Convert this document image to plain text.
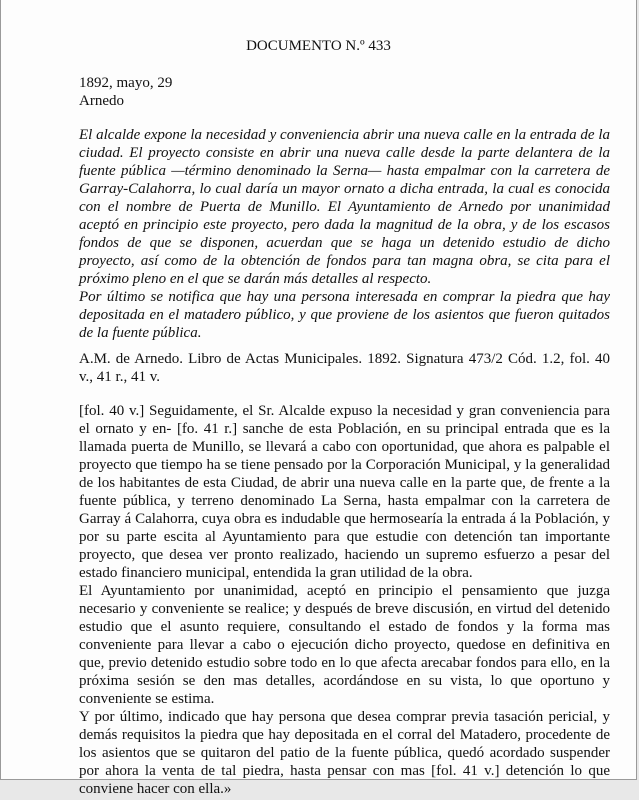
DOCUMENTO N.º 433

1892, mayo, 29

Arnedo

El alcalde expone la necesidad y conveniencia abrir una nueva calle en la entrada de la ciudad. El proyecto consiste en abrir una nueva calle desde la parte delantera de la fuente pública —término denominado la Serna— hasta empalmar con la carretera de Garray-Calahorra, lo cual daría un mayor ornato a dicha entrada, la cual es conocida con el nombre de Puerta de Munillo. El Ayuntamiento de Arnedo por unanimidad aceptó en principio este proyecto, pero dada la magnitud de la obra, y de los escasos fondos de que se disponen, acuerdan que se haga un detenido estudio de dicho proyecto, así como de la obtención de fondos para tan magna obra, se cita para el próximo pleno en el que se darán más detalles al respecto.

Por último se notifica que hay una persona interesada en comprar la piedra que hay depositada en el matadero público, y que proviene de los asientos que fueron quitados de la fuente pública.

A.M. de Arnedo. Libro de Actas Municipales. 1892. Signatura 473/2 Cód. 1.2, fol. 40 v., 41 r., 41 v.

[fol. 40 v.] Seguidamente, el Sr. Alcalde expuso la necesidad y gran conveniencia para el ornato y en- [fo. 41 r.] sanche de esta Población, en su principal entrada que es la llamada puerta de Munillo, se llevará a cabo con oportunidad, que ahora es palpable el proyecto que tiempo ha se tiene pensado por la Corporación Municipal, y la generalidad de los habitantes de esta Ciudad, de abrir una nueva calle en la parte que, de frente a la fuente pública, y terreno denominado La Serna, hasta empalmar con la carretera de Garray á Calahorra, cuya obra es indudable que hermosearía la entrada á la Población, y por su parte escita al Ayuntamiento para que estudie con detención tan importante proyecto, que desea ver pronto realizado, haciendo un supremo esfuerzo a pesar del estado financiero municipal, entendida la gran utilidad de la obra.

El Ayuntamiento por unanimidad, aceptó en principio el pensamiento que juzga necesario y conveniente se realice; y después de breve discusión, en virtud del detenido estudio que el asunto requiere, consultando el estado de fondos y la forma mas conveniente para llevar a cabo o ejecución dicho proyecto, quedose en definitiva en que, previo detenido estudio sobre todo en lo que afecta arecabar fondos para ello, en la próxima sesión se den mas detalles, acordándose en su vista, lo que oportuno y conveniente se estima.

Y por último, indicado que hay persona que desea comprar previa tasación pericial, y demás requisitos la piedra que hay depositada en el corral del Matadero, procedente de los asientos que se quitaron del patio de la fuente pública, quedó acordado suspender por ahora la venta de tal piedra, hasta pensar con mas [fol. 41 v.] detención lo que conviene hacer con ella.»
